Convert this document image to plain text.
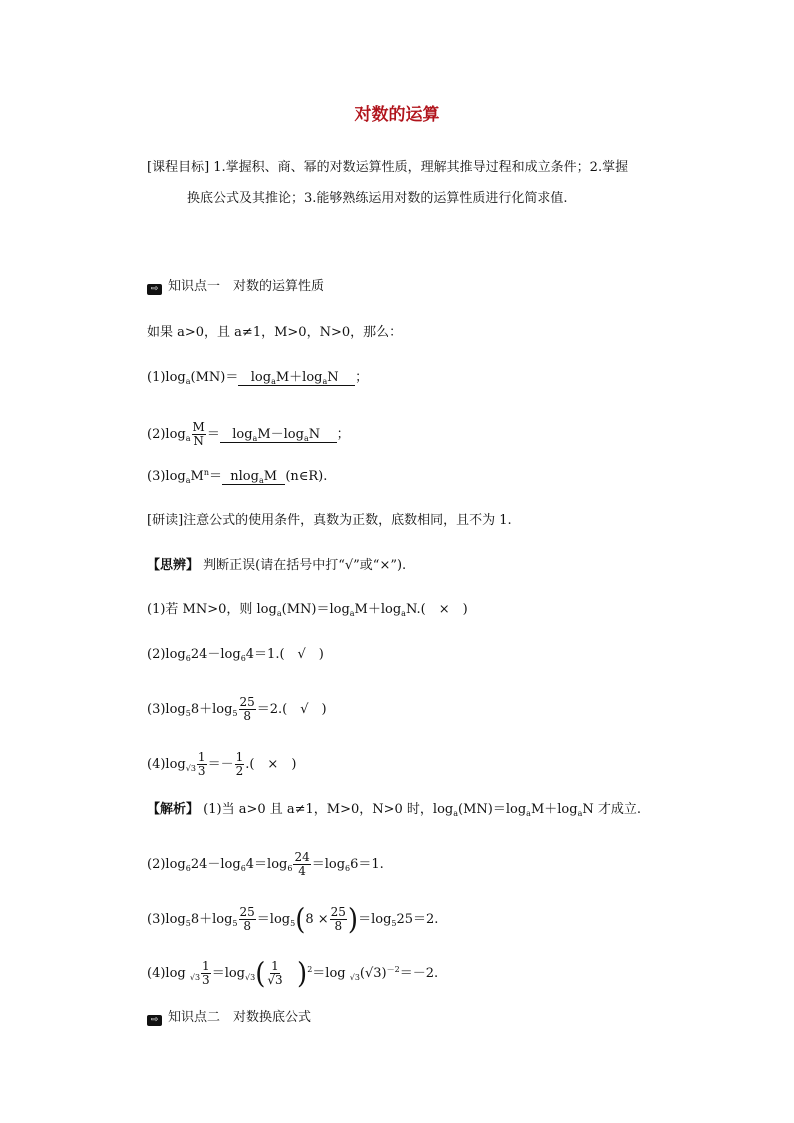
对数的运算
[课程目标] 1.掌握积、商、幂的对数运算性质，理解其推导过程和成立条件；2.掌握
换底公式及其推论；3.能够熟练运用对数的运算性质进行化简求值.
⇨ 知识点一　对数的运算性质
如果 a>0，且 a≠1，M>0，N>0，那么：
$(1)\log_a(MN)= \log_aM+\log_aN$ ；
$(2)\log_a \frac{M}{N} = \log_aM-\log_aN$ ；
$(3)\log_aM^n= nlog_aM$ (n∈R).
[研读]注意公式的使用条件，真数为正数，底数相同，且不为 1.
【思辨】 判断正误(请在括号中打“√”或“×”).
(1)若 MN>0，则 $\log_a(MN)=\log_aM+\log_aN$.(　×　)
$(2)\log_624-\log_64=1$.(　√　)
$(3)\log_58+\log_5 \frac{25}{8} =2$.(　√　)
$(4)\log_{√3} \frac{1}{3} =- \frac{1}{2}$ .(　×　)
【解析】 (1)当 a>0 且 a≠1，M>0，N>0 时，$\log_a(MN)=\log_aM+\log_aN$ 才成立.
$(2)\log_624-\log_64=\log_6 \frac{24}{4} =\log_66=1$.
$(3)\log_58+\log_5 \frac{25}{8} =\log_5(8 \times \frac{25}{8} )=\log_525=2$.
(4)log $_{√3} \frac{1}{3} =\log_{√3}( \frac{1}{√3} )^2=\log$ $_{√3}(√3)^{-2}=-2$.
⇨ 知识点二　对数换底公式
